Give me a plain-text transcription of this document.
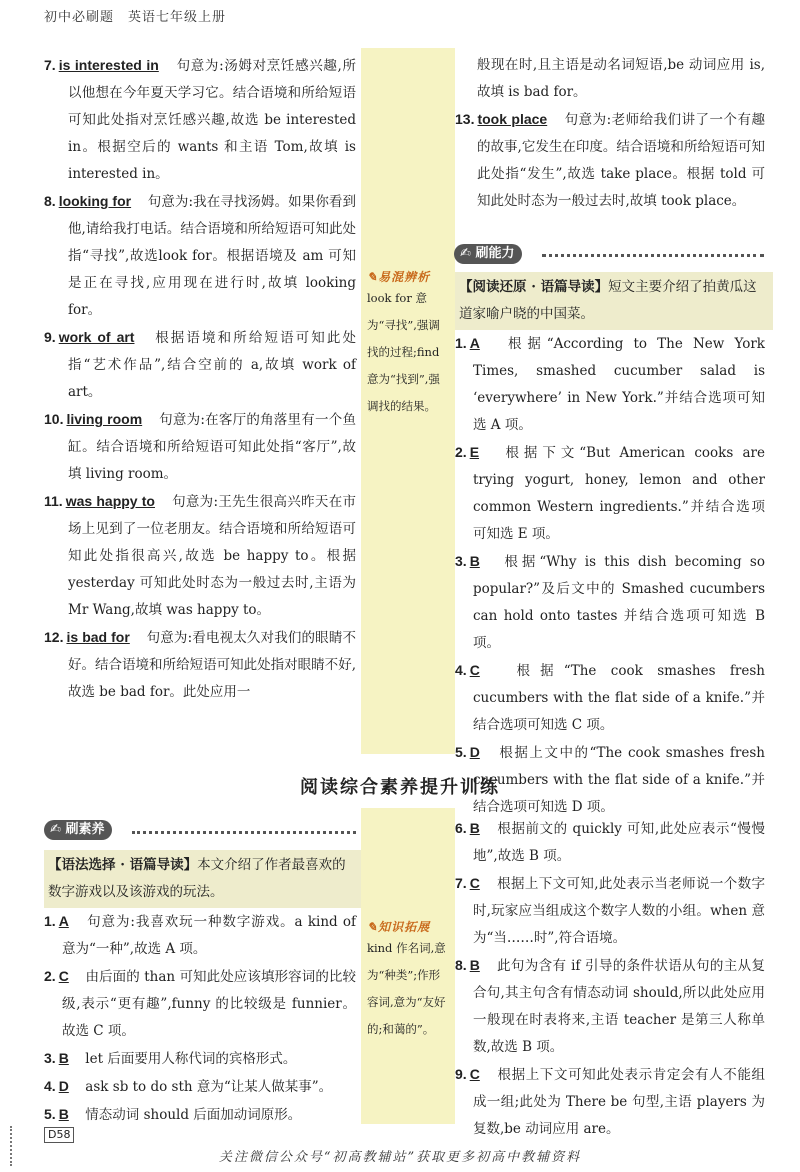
初中必刷题　英语七年级上册

7. is interested in　句意为:汤姆对烹饪感兴趣,所以他想在今年夏天学习它。结合语境和所给短语可知此处指对烹饪感兴趣,故选 be interested in。根据空后的 wants 和主语 Tom,故填 is interested in。

8. looking for　句意为:我在寻找汤姆。如果你看到他,请给我打电话。结合语境和所给短语可知此处指“寻找”,故选look for。根据语境及 am 可知是正在寻找,应用现在进行时,故填 looking for。

9. work of art　根据语境和所给短语可知此处指“艺术作品”,结合空前的 a,故填 work of art。

10. living room　句意为:在客厅的角落里有一个鱼缸。结合语境和所给短语可知此处指“客厅”,故填 living room。

11. was happy to　句意为:王先生很高兴昨天在市场上见到了一位老朋友。结合语境和所给短语可知此处指很高兴,故选 be happy to。根据 yesterday 可知此处时态为一般过去时,主语为 Mr Wang,故填 was happy to。

12. is bad for　句意为:看电视太久对我们的眼睛不好。结合语境和所给短语可知此处指对眼睛不好,故选 be bad for。此处应用一

✎易混辨析
look for 意为“寻找”,强调找的过程;find 意为“找到”,强调找的结果。

般现在时,且主语是动名词短语,be 动词应用 is,故填 is bad for。

13. took place　句意为:老师给我们讲了一个有趣的故事,它发生在印度。结合语境和所给短语可知此处指“发生”,故选 take place。根据 told 可知此处时态为一般过去时,故填 took place。

✍ 刷能力
【阅读还原 · 语篇导读】短文主要介绍了拍黄瓜这道家喻户晓的中国菜。

1. A　根据“According to The New York Times, smashed cucumber salad is ‘everywhere’ in New York.”并结合选项可知选 A 项。

2. E　根据下文“But American cooks are trying yogurt, honey, lemon and other common Western ingredients.”并结合选项可知选 E 项。

3. B　根据“Why is this dish becoming so popular?”及后文中的 Smashed cucumbers can hold onto tastes 并结合选项可知选 B 项。

4. C　根据“The cook smashes fresh cucumbers with the flat side of a knife.”并结合选项可知选 C 项。

5. D　根据上文中的“The cook smashes fresh cucumbers with the flat side of a knife.”并结合选项可知选 D 项。

阅读综合素养提升训练
✍ 刷素养
【语法选择 · 语篇导读】本文介绍了作者最喜欢的数字游戏以及该游戏的玩法。

1. A　句意为:我喜欢玩一种数字游戏。a kind of 意为“一种”,故选 A 项。

2. C　由后面的 than 可知此处应该填形容词的比较级,表示“更有趣”,funny 的比较级是 funnier。故选 C 项。

3. B　let 后面要用人称代词的宾格形式。

4. D　ask sb to do sth 意为“让某人做某事”。

5. B　情态动词 should 后面加动词原形。

✎知识拓展
kind 作名词,意为“种类”;作形容词,意为“友好的;和蔼的”。

6. B　根据前文的 quickly 可知,此处应表示“慢慢地”,故选 B 项。

7. C　根据上下文可知,此处表示当老师说一个数字时,玩家应当组成这个数字人数的小组。when 意为“当……时”,符合语境。

8. B　此句为含有 if 引导的条件状语从句的主从复合句,其主句含有情态动词 should,所以此处应用一般现在时表将来,主语 teacher 是第三人称单数,故选 B 项。

9. C　根据上下文可知此处表示肯定会有人不能组成一组;此处为 There be 句型,主语 players 为复数,be 动词应用 are。

D58
关注微信公众号“初高教辅站”获取更多初高中教辅资料
